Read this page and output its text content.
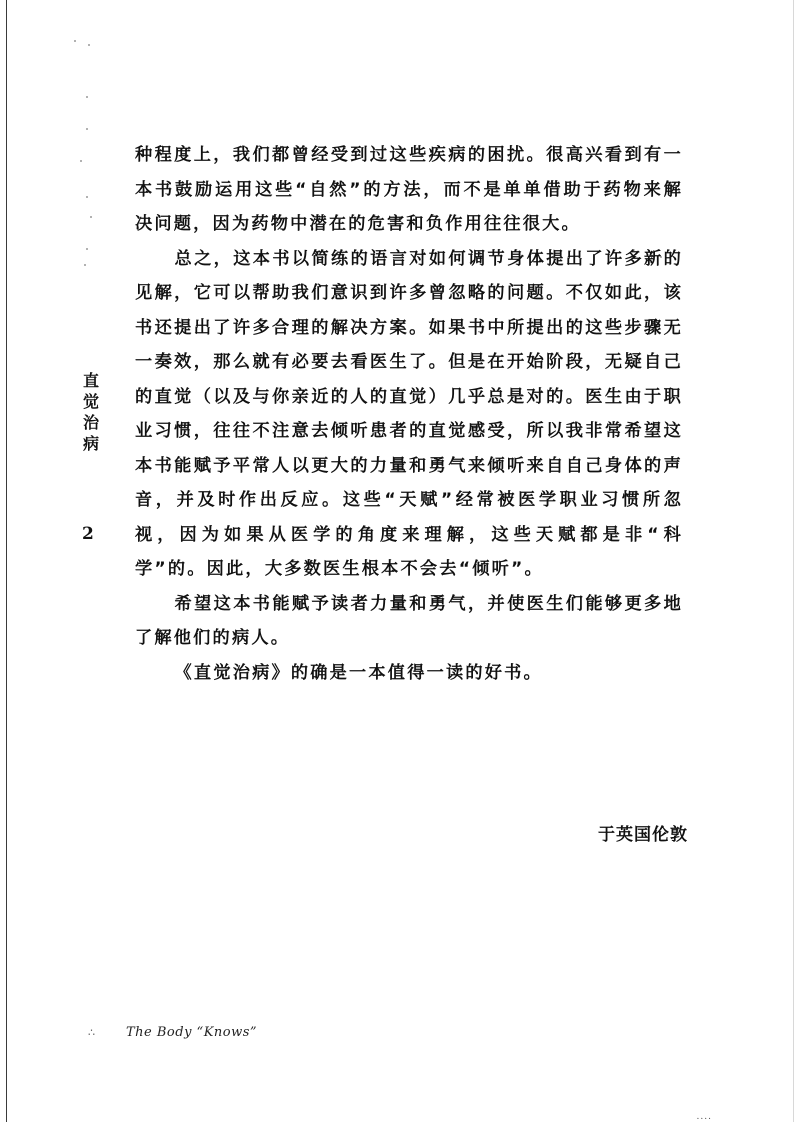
直觉治病
2

种程度上，我们都曾经受到过这些疾病的困扰。很高兴看到有一本书鼓励运用这些“自然”的方法，而不是单单借助于药物来解决问题，因为药物中潜在的危害和负作用往往很大。

总之，这本书以简练的语言对如何调节身体提出了许多新的见解，它可以帮助我们意识到许多曾忽略的问题。不仅如此，该书还提出了许多合理的解决方案。如果书中所提出的这些步骤无一奏效，那么就有必要去看医生了。但是在开始阶段，无疑自己的直觉（以及与你亲近的人的直觉）几乎总是对的。医生由于职业习惯，往往不注意去倾听患者的直觉感受，所以我非常希望这本书能赋予平常人以更大的力量和勇气来倾听来自自己身体的声音，并及时作出反应。这些“天赋”经常被医学职业习惯所忽视，因为如果从医学的角度来理解，这些天赋都是非“科学”的。因此，大多数医生根本不会去“倾听”。

希望这本书能赋予读者力量和勇气，并使医生们能够更多地了解他们的病人。

《直觉治病》的确是一本值得一读的好书。

于英国伦敦
∴ The Body “Knows”
....
